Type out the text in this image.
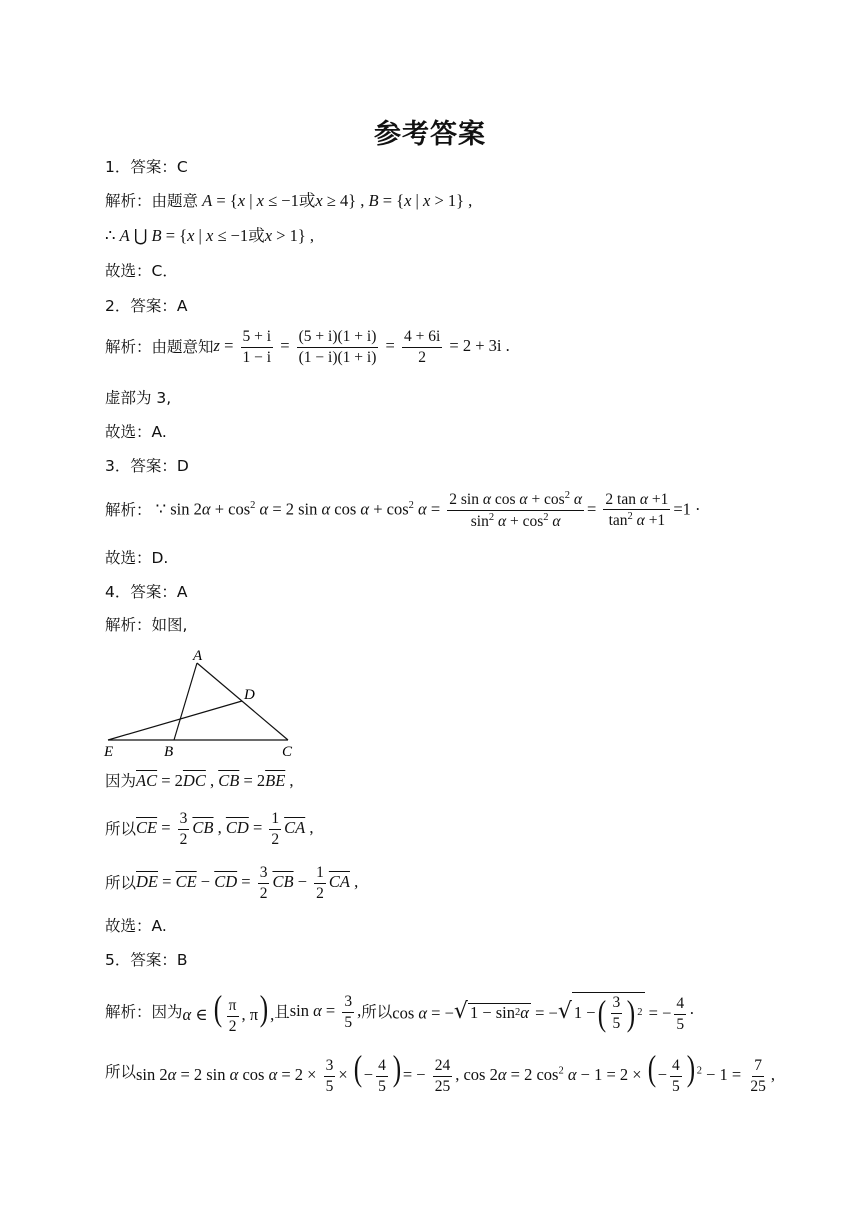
参考答案
1．答案：C
解析： 由题意 A = {x | x ≤ −1或x ≥ 4} , B = {x | x > 1} ,
∴ A ⋃ B = {x | x ≤ −1或x > 1} ,
故选：C．
2．答案：A
解析： 由题意知 $z = \frac{5 + i}{1 - i} = \frac{(5 + i)(1 + i)}{(1 - i)(1 + i)} = \frac{4 + 6i}{2} = 2 + 3i$ .
虚部为 3,
故选：A.
3．答案：D
解析： ∵ $\sin 2\alpha + \cos^2 \alpha = 2$ sin α $\cos \alpha + \cos^2 \alpha = \frac{2 \sin \alpha \cos \alpha + \cos^2 \alpha}{\sin^2 \alpha + \cos^2 \alpha} = \frac{\text{2 tan α +1}}{\tan^2 \alpha +1} =1$ ·
故选：D.
4．答案：A
解析：如图,
A
D
E	B	C
因为 $\overline{AC} = 2\overline{DC}$ , $\overline{CB} = 2\overline{BE}$ ,
所以 $\overline{CE} = \frac{3}{2} \overline{CB}$ , $\overline{CD} = \frac{1}{2} \overline{CA}$ ,
所以 $\overline{DE} = \overline{CE} - \overline{CD} = \frac{3}{2} \overline{CB} - \frac{1}{2} \overline{CA}$ ,
故选：A.
5．答案：B
解析： 因为 α ∈ ( $\frac{\pi}{2}$ , π) , 且 $\sin \alpha = \frac{3}{5}$ , 所以 cos α = − √ 1 − sin 2 α = − √ 1 − ( $\frac{3}{5}$ ) 2 = − $\frac{4}{5}$ ·
所以 sin 2α = 2 sin α $\cos \alpha = 2 \times \frac{3}{5}$ × ( − $\frac{4}{5}$ ) = − $\frac{24}{25}$ , cos 2α = 2 $\cos^2 \alpha - 1 = 2$ × ( − $\frac{4}{5}$ ) $^2 - 1 = \frac{7}{25}$ ,
